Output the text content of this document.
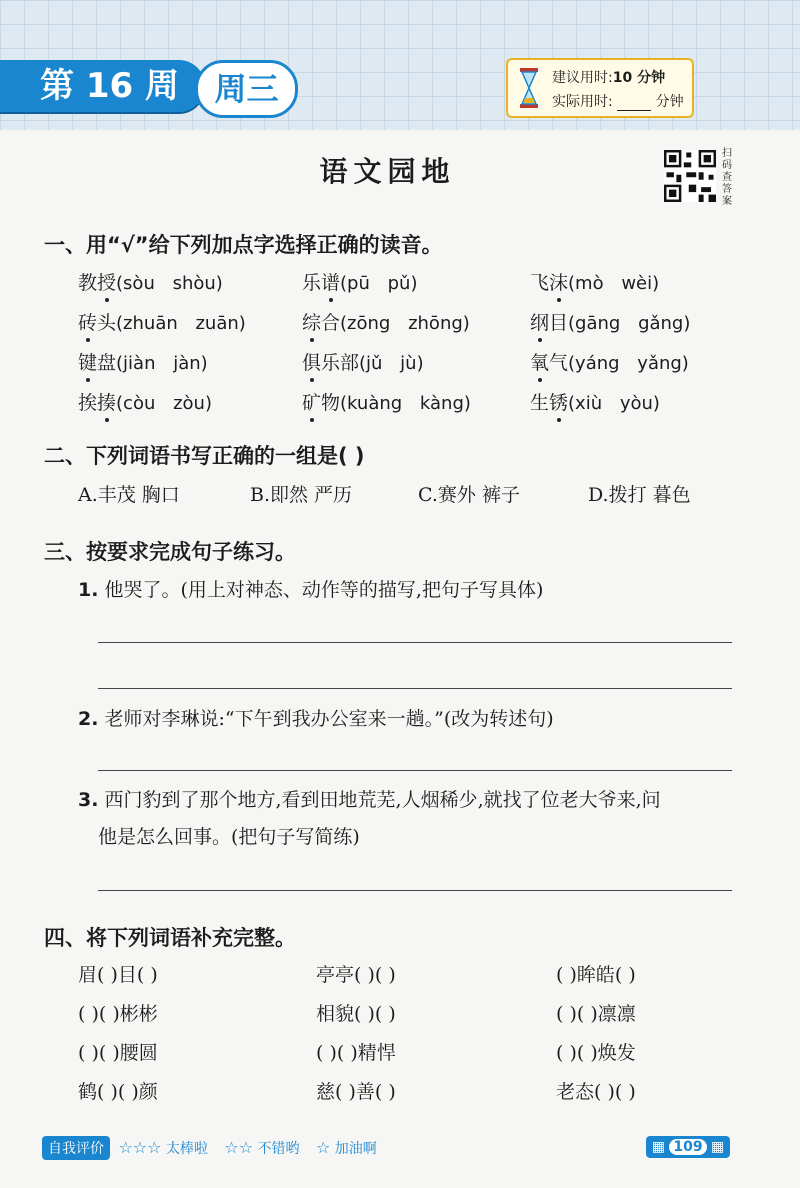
第 16 周	周三	建议用时:10 分钟
实际用时:	分钟
语文园地
扫码查答案
一、用“√”给下列加点字选择正确的读音。
教授(sòu shòu)	乐谱(pū pǔ)	飞沫(mò wèi)
砖头(zhuān zuān)	综合(zōng zhōng)	纲目(gāng gǎng)
键盘(jiàn jàn)	俱乐部(jǔ jù)	氧气(yáng yǎng)
挨揍(còu zòu)	矿物(kuàng kàng)	生锈(xiù yòu)
二、下列词语书写正确的一组是( )
A.丰茂 胸口	B.即然 严历	C.赛外 裤子	D.拨打 暮色
三、按要求完成句子练习。
1. 他哭了。(用上对神态、动作等的描写,把句子写具体)
2. 老师对李琳说:“下午到我办公室来一趟。”(改为转述句)
3. 西门豹到了那个地方,看到田地荒芜,人烟稀少,就找了位老大爷来,问
他是怎么回事。(把句子写简练)
四、将下列词语补充完整。
眉( )目( )	亭亭( )( )	( )眸皓( )
( )( )彬彬	相貌( )( )	( )( )凛凛
( )( )腰圆	( )( )精悍	( )( )焕发
鹤( )( )颜	慈( )善( )	老态( )( )
自我评价 ☆☆☆ 太棒啦 ☆☆ 不错哟 ☆ 加油啊	▦ 109 ▦
